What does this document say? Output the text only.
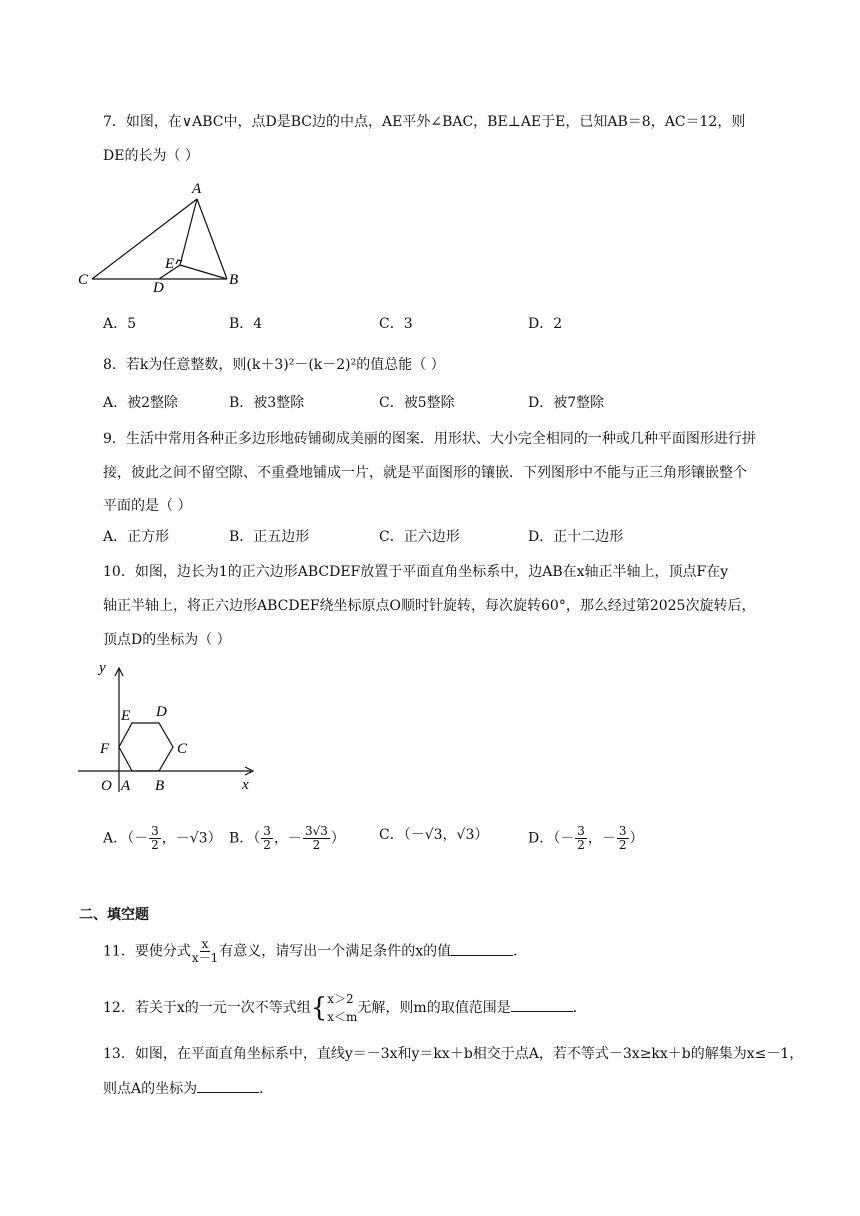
7．如图，在∨ABC中，点D是BC边的中点，AE平外∠BAC，BE⊥AE于E，已知AB＝8，AC＝12，则
DE的长为（ ）
A
C	B
E
D
A．5	B．4	C．3	D．2
8．若k为任意整数，则(k＋3)²－(k－2)²的值总能（ ）
A．被2整除	B．被3整除	C．被5整除	D．被7整除
9．生活中常用各种正多边形地砖铺砌成美丽的图案．用形状、大小完全相同的一种或几种平面图形进行拼
接，彼此之间不留空隙、不重叠地铺成一片，就是平面图形的镶嵌．下列图形中不能与正三角形镶嵌整个
平面的是（ ）
A．正方形	B．正五边形	C．正六边形	D．正十二边形
10．如图，边长为1的正六边形ABCDEF放置于平面直角坐标系中，边AB在x轴正半轴上，顶点F在y
轴正半轴上，将正六边形ABCDEF绕坐标原点O顺时针旋转，每次旋转60°，那么经过第2025次旋转后，
顶点D的坐标为（ ）
y
x
O A B
C
D
E
F
A．（－ $\frac{3}{2}$ ，－√3） B．（ $\frac{3}{2}$ ，－ $\frac{3√3}{2}$ ） C．（－√3，√3）	D．（－ $\frac{3}{2}$ ，－ $\frac{3}{2}$ ）
二、填空题
11．要使分式 $\frac{x}{x-1}$ 有意义，请写出一个满足条件的x的值	．
12．若关于x的一元一次不等式组{ x＞2
x＜m
无解，则m的取值范围是	．
13．如图，在平面直角坐标系中，直线y＝－3x和y＝kx＋b相交于点A，若不等式－3x≥kx＋b的解集为x≤－1，
则点A的坐标为	．
